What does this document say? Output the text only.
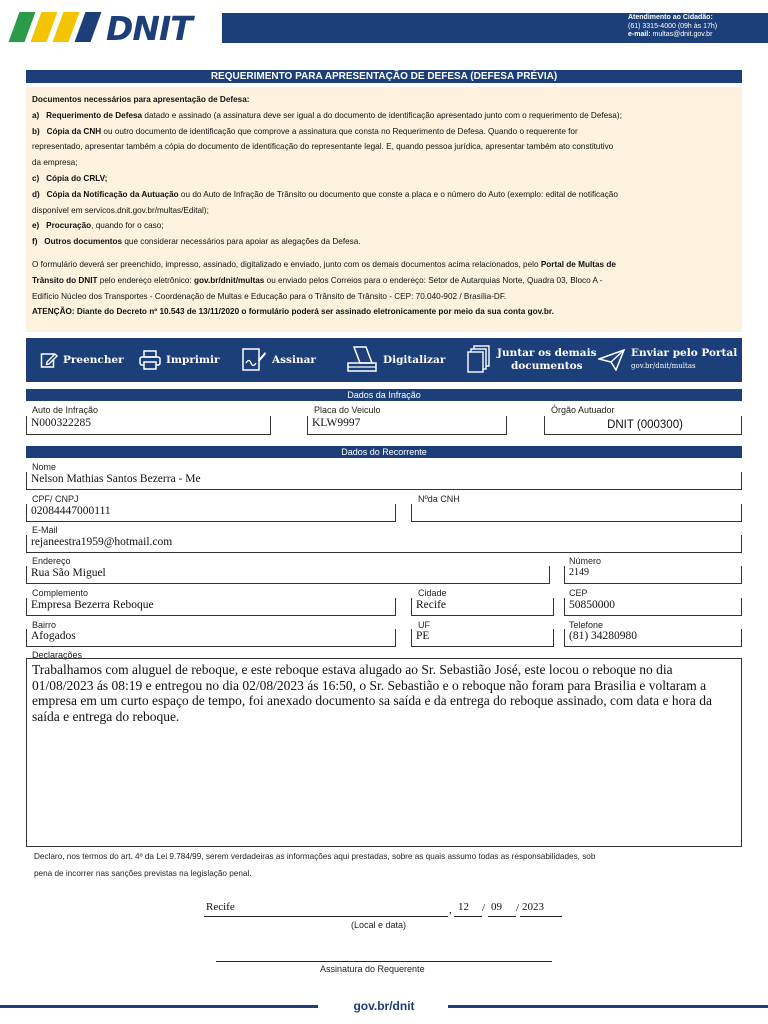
DNIT	Atendimento ao Cidadão:
(61) 3315-4000 (09h às 17h)
e-mail: multas@dnit.gov.br
REQUERIMENTO PARA APRESENTAÇÃO DE DEFESA (DEFESA PRÉVIA)

Documentos necessários para apresentação de Defesa:

a) Requerimento de Defesa datado e assinado (a assinatura deve ser igual a do documento de identificação apresentado junto com o requerimento de Defesa);

b) Cópia da CNH ou outro documento de identificação que comprove a assinatura que consta no Requerimento de Defesa. Quando o requerente for

representado, apresentar também a cópia do documento de identificação do representante legal. E, quando pessoa jurídica, apresentar também ato constitutivo

da empresa;

c) Cópia do CRLV;

d) Cópia da Notificação da Autuação ou do Auto de Infração de Trânsito ou documento que conste a placa e o número do Auto (exemplo: edital de notificação

disponível em servicos.dnit.gov.br/multas/Edital);

e) Procuração, quando for o caso;

f) Outros documentos que considerar necessários para apoiar as alegações da Defesa.

O formulário deverá ser preenchido, impresso, assinado, digitalizado e enviado, junto com os demais documentos acima relacionados, pelo Portal de Multas de

Trânsito do DNIT pelo endereço eletrônico: gov.br/dnit/multas ou enviado pelos Correios para o endereço: Setor de Autarquias Norte, Quadra 03, Bloco A -

Edifício Núcleo dos Transportes - Coordenação de Multas e Educação para o Trânsito de Trânsito - CEP: 70.040-902 / Brasília-DF.

ATENÇÃO: Diante do Decreto nº 10.543 de 13/11/2020 o formulário poderá ser assinado eletronicamente por meio da sua conta gov.br.

Preencher	Imprimir	Assinar	Digitalizar
Juntar os demais
documentos
Enviar pelo Portal
gov.br/dnit/multas
Dados da Infração
Auto de Infração
N000322285
Placa do Veiculo
KLW9997
Órgão Autuador
DNIT (000300)
Dados do Recorrente
Nome
Nelson Mathias Santos Bezerra - Me
CPF/ CNPJ
02084447000111
Nºda CNH
E-Mail
rejaneestra1959@hotmail.com
Endereço
Rua São Miguel
Número
2149
Complemento
Empresa Bezerra Reboque
Cidade
Recife
CEP
50850000
Bairro
Afogados
UF
PE
Telefone
(81) 34280980
Declarações
Trabalhamos com aluguel de reboque, e este reboque estava alugado ao Sr. Sebastião José, este locou o reboque no dia 01/08/2023 ás 08:19 e entregou no dia 02/08/2023 ás 16:50, o Sr. Sebastião e o reboque não foram para Brasilia e voltaram a empresa em um curto espaço de tempo, foi anexado documento sa saída e da entrega do reboque assinado, com data e hora da saída e entrega do reboque.
Declaro, nos termos do art. 4º da Lei 9.784/99, serem verdadeiras as informações aqui prestadas, sobre as quais assumo todas as responsabilidades, sob
pena de incorrer nas sanções previstas na legislação penal.
Recife	, 12 / 09 / 2023
(Local e data)
Assinatura do Requerente
gov.br/dnit
